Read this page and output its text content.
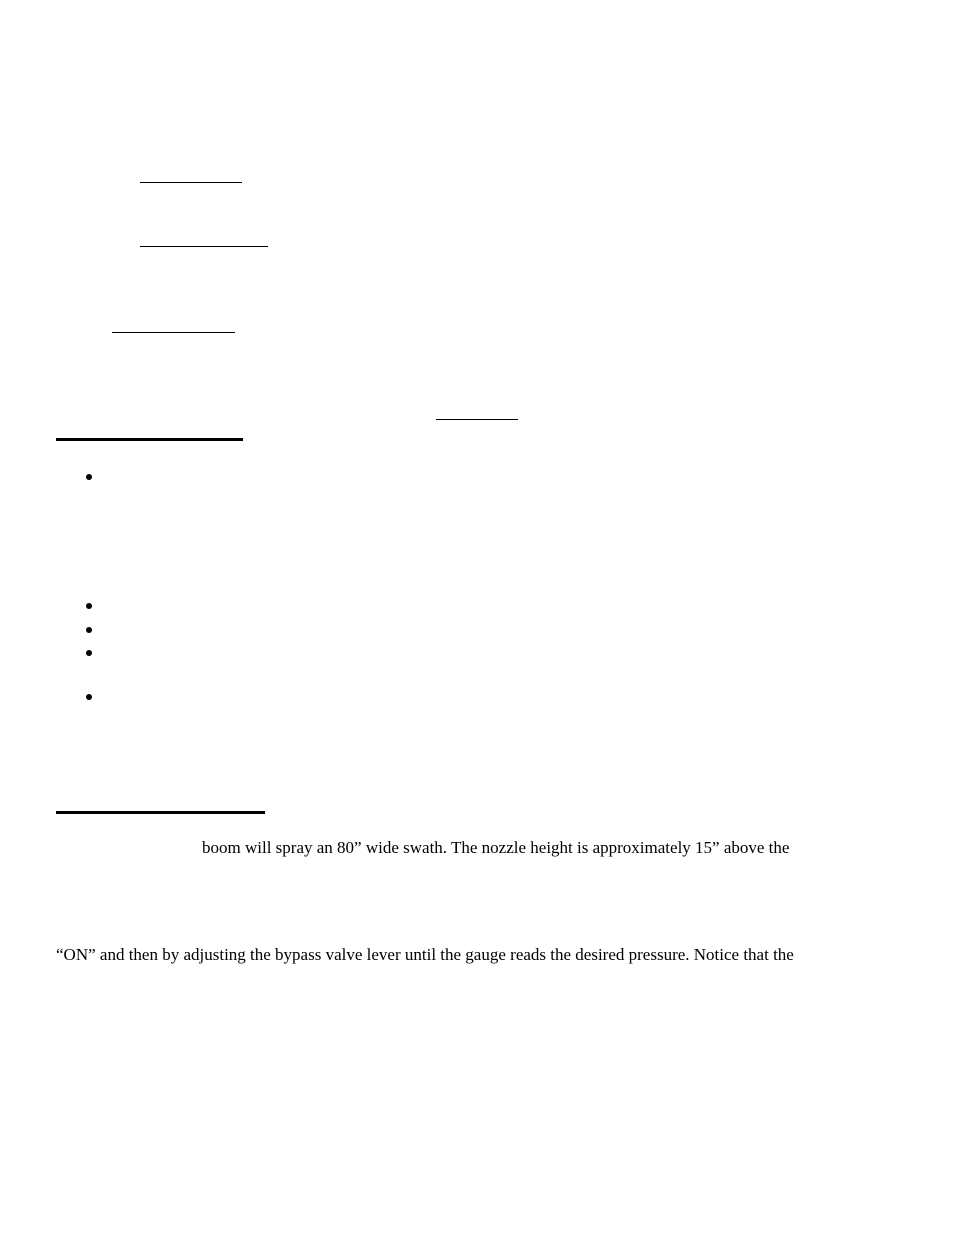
boom will spray an 80” wide swath. The nozzle height is approximately 15” above the
“ON” and then by adjusting the bypass valve lever until the gauge reads the desired pressure. Notice that the
